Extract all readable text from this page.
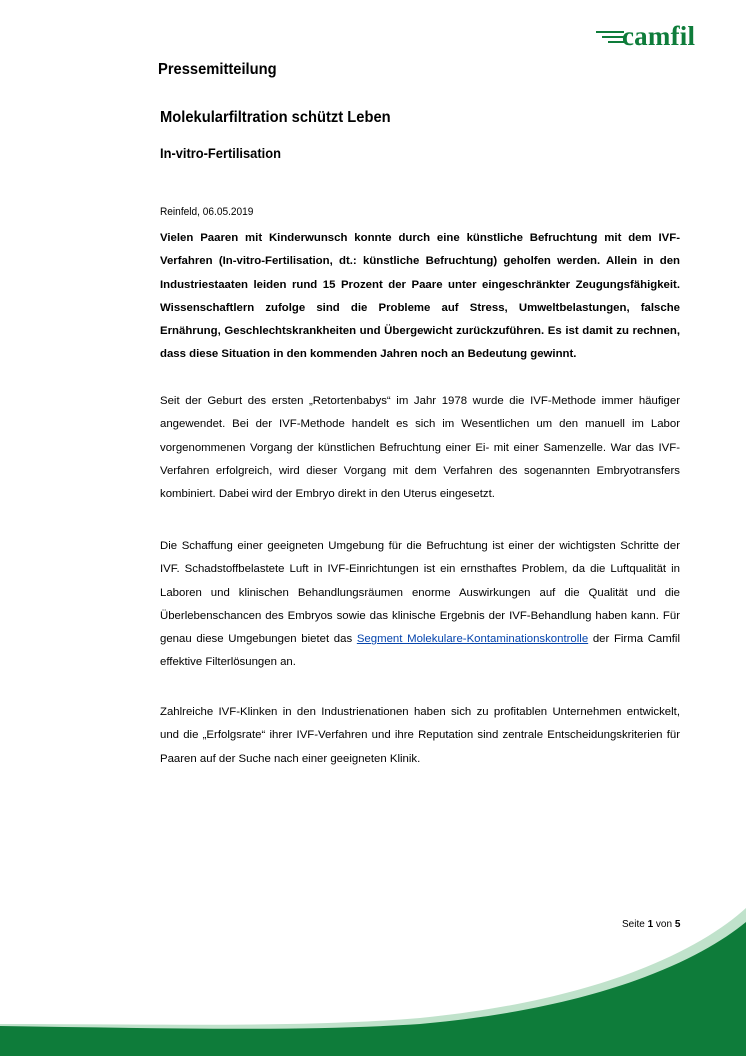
camfil
Pressemitteilung
Molekularfiltration schützt Leben
In-vitro-Fertilisation
Reinfeld, 06.05.2019

Vielen Paaren mit Kinderwunsch konnte durch eine künstliche Befruchtung mit dem IVF-Verfahren (In-vitro-Fertilisation, dt.: künstliche Befruchtung) geholfen werden. Allein in den Industriestaaten leiden rund 15 Prozent der Paare unter eingeschränkter Zeugungsfähigkeit. Wissenschaftlern zufolge sind die Probleme auf Stress, Umweltbelastungen, falsche Ernährung, Geschlechtskrankheiten und Übergewicht zurückzuführen. Es ist damit zu rechnen, dass diese Situation in den kommenden Jahren noch an Bedeutung gewinnt.

Seit der Geburt des ersten „Retortenbabys“ im Jahr 1978 wurde die IVF-Methode immer häufiger angewendet. Bei der IVF-Methode handelt es sich im Wesentlichen um den manuell im Labor vorgenommenen Vorgang der künstlichen Befruchtung einer Ei- mit einer Samenzelle. War das IVF-Verfahren erfolgreich, wird dieser Vorgang mit dem Verfahren des sogenannten Embryotransfers kombiniert. Dabei wird der Embryo direkt in den Uterus eingesetzt.

Die Schaffung einer geeigneten Umgebung für die Befruchtung ist einer der wichtigsten Schritte der IVF. Schadstoffbelastete Luft in IVF-Einrichtungen ist ein ernsthaftes Problem, da die Luftqualität in Laboren und klinischen Behandlungsräumen enorme Auswirkungen auf die Qualität und die Überlebenschancen des Embryos sowie das klinische Ergebnis der IVF-Behandlung haben kann. Für genau diese Umgebungen bietet das Segment Molekulare-Kontaminationskontrolle der Firma Camfil effektive Filterlösungen an.

Zahlreiche IVF-Klinken in den Industrienationen haben sich zu profitablen Unternehmen entwickelt, und die „Erfolgsrate“ ihrer IVF-Verfahren und ihre Reputation sind zentrale Entscheidungskriterien für Paaren auf der Suche nach einer geeigneten Klinik.

Seite 1 von 5
